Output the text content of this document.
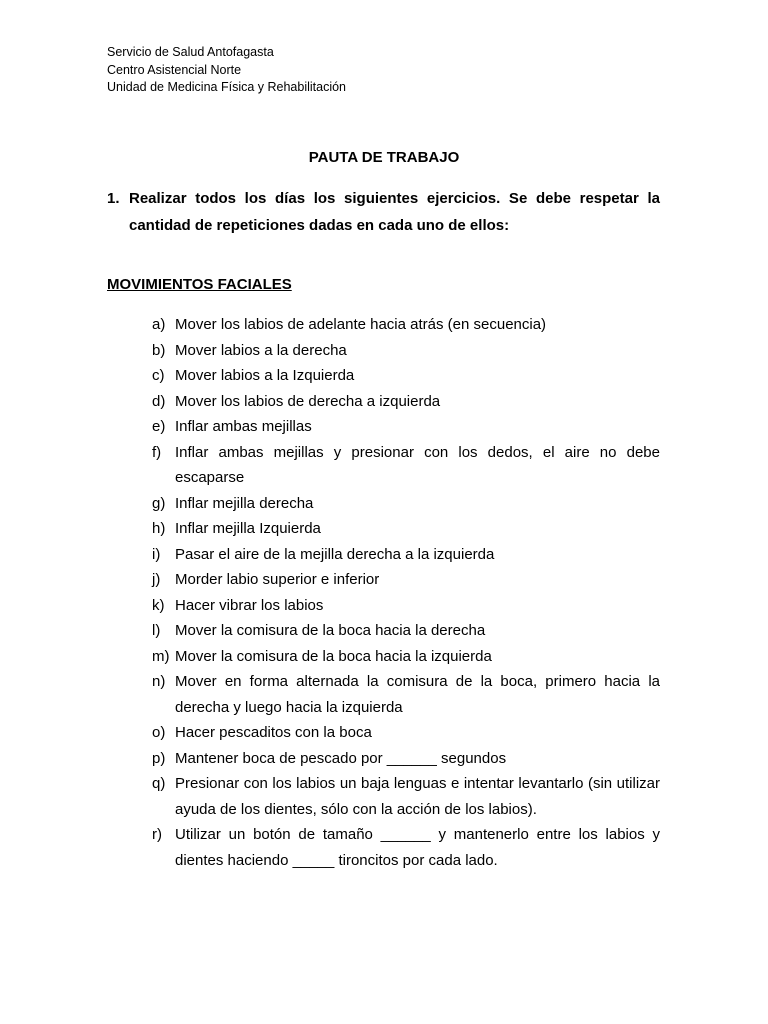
Servicio de Salud Antofagasta
Centro Asistencial Norte
Unidad de Medicina Física y Rehabilitación
PAUTA DE TRABAJO
1. Realizar todos los días los siguientes ejercicios. Se debe respetar la cantidad de repeticiones dadas en cada uno de ellos:
MOVIMIENTOS FACIALES
a) Mover los labios de adelante hacia atrás (en secuencia)
b) Mover labios a la derecha
c) Mover labios a la Izquierda
d) Mover los labios de derecha a izquierda
e) Inflar ambas mejillas
f) Inflar ambas mejillas y presionar con los dedos, el aire no debe escaparse
g) Inflar mejilla derecha
h) Inflar mejilla Izquierda
i) Pasar el aire de la mejilla derecha a la izquierda
j) Morder labio superior e inferior
k) Hacer vibrar los labios
l) Mover la comisura de la boca hacia la derecha
m) Mover la comisura de la boca hacia la izquierda
n) Mover en forma alternada la comisura de la boca, primero hacia la derecha y luego hacia la izquierda
o) Hacer pescaditos con la boca
p) Mantener boca de pescado por ______ segundos
q) Presionar con los labios un baja lenguas e intentar levantarlo (sin utilizar ayuda de los dientes, sólo con la acción de los labios).
r) Utilizar un botón de tamaño ______ y mantenerlo entre los labios y dientes haciendo _____ tironcitos por cada lado.
